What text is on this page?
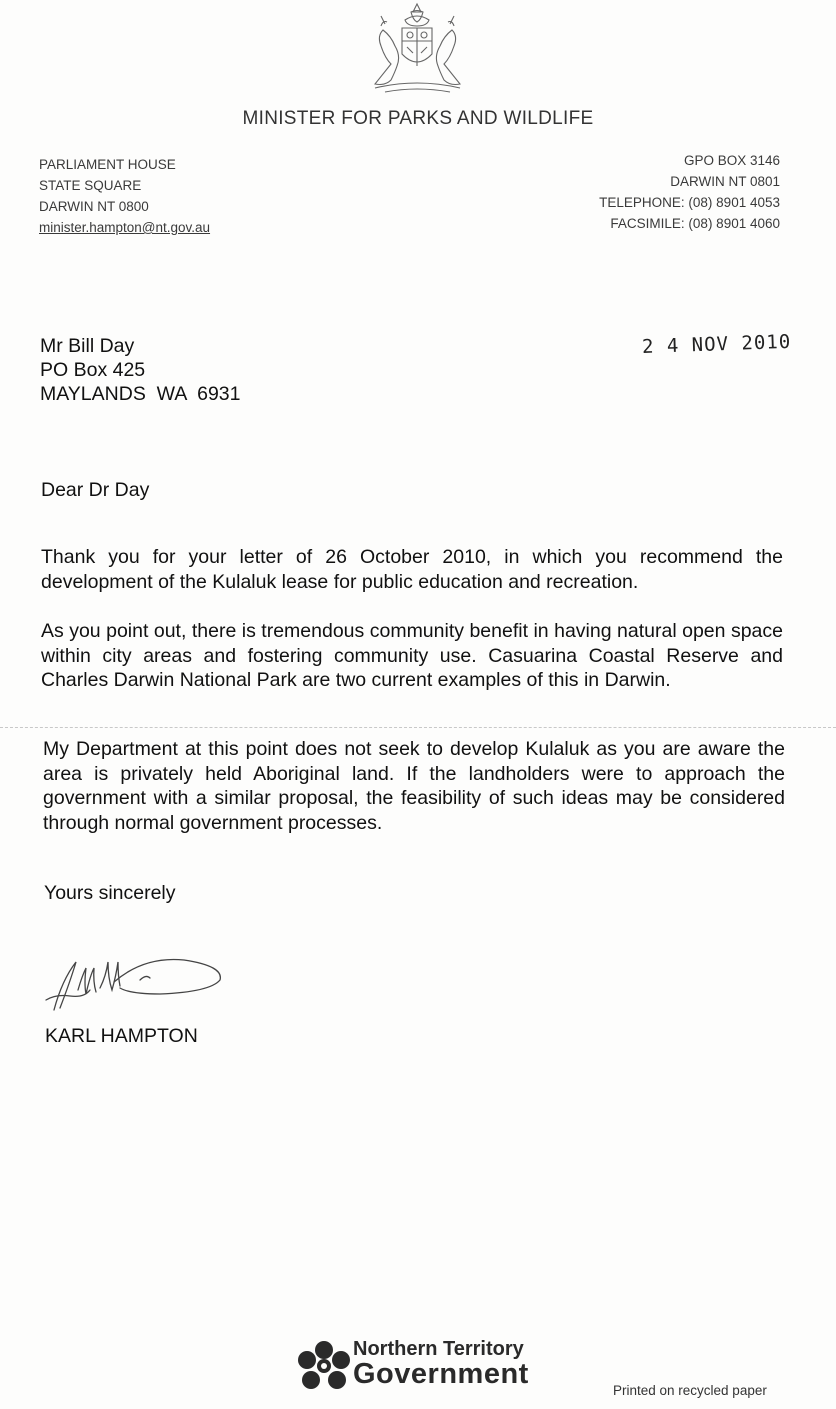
MINISTER FOR PARKS AND WILDLIFE
PARLIAMENT HOUSE
STATE SQUARE
DARWIN NT 0800
minister.hampton@nt.gov.au
GPO BOX 3146
DARWIN NT 0801
TELEPHONE: (08) 8901 4053
FACSIMILE: (08) 8901 4060
Mr Bill Day
PO Box 425
MAYLANDS  WA  6931
2 4 NOV 2010
Dear Dr Day

Thank you for your letter of 26 October 2010, in which you recommend the development of the Kulaluk lease for public education and recreation.

As you point out, there is tremendous community benefit in having natural open space within city areas and fostering community use. Casuarina Coastal Reserve and Charles Darwin National Park are two current examples of this in Darwin.

My Department at this point does not seek to develop Kulaluk as you are aware the area is privately held Aboriginal land. If the landholders were to approach the government with a similar proposal, the feasibility of such ideas may be considered through normal government processes.

Yours sincerely
KARL HAMPTON
Northern Territory
Government
Printed on recycled paper
